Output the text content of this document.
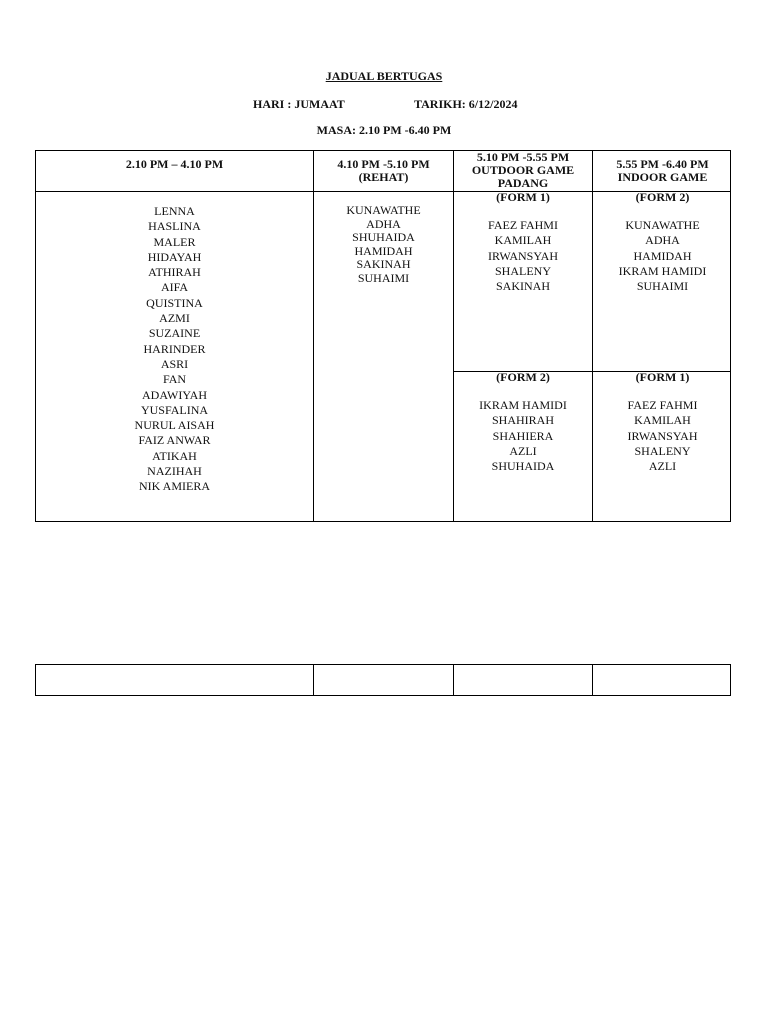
JADUAL BERTUGAS
HARI : JUMAAT	TARIKH: 6/12/2024
MASA: 2.10 PM -6.40 PM
2.10 PM – 4.10 PM	4.10 PM -5.10 PM
(REHAT)
5.10 PM -5.55 PM
OUTDOOR GAME
PADANG
5.55 PM -6.40 PM
INDOOR GAME
LENNA
HASLINA
MALER
HIDAYAH
ATHIRAH
AIFA
QUISTINA
AZMI
SUZAINE
HARINDER
ASRI
FAN
ADAWIYAH
YUSFALINA
NURUL AISAH
FAIZ ANWAR
ATIKAH
NAZIHAH
NIK AMIERA
KUNAWATHE
ADHA
SHUHAIDA
HAMIDAH
SAKINAH
SUHAIMI
(FORM 1)
FAEZ FAHMI
KAMILAH
IRWANSYAH
SHALENY
SAKINAH
(FORM 2)
KUNAWATHE
ADHA
HAMIDAH
IKRAM HAMIDI
SUHAIMI
(FORM 2)
IKRAM HAMIDI
SHAHIRAH
SHAHIERA
AZLI
SHUHAIDA
(FORM 1)
FAEZ FAHMI
KAMILAH
IRWANSYAH
SHALENY
AZLI
